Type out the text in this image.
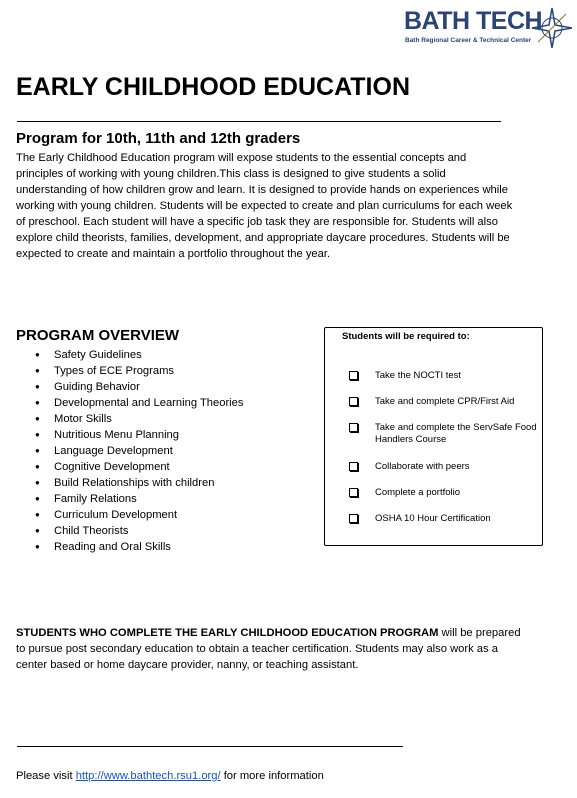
BATH TECH
Bath Regional Career & Technical Center
EARLY CHILDHOOD EDUCATION
Program for 10th, 11th and 12th graders

The Early Childhood Education program will expose students to the essential concepts and principles of working with young children.This class is designed to give students a solid understanding of how children grow and learn. It is designed to provide hands on experiences while working with young children. Students will be expected to create and plan curriculums for each week of preschool. Each student will have a specific job task they are responsible for. Students will also explore child theorists, families, development, and appropriate daycare procedures. Students will be expected to create and maintain a portfolio throughout the year.

PROGRAM OVERVIEW
● Safety Guidelines
● Types of ECE Programs
● Guiding Behavior
● Developmental and Learning Theories
● Motor Skills
● Nutritious Menu Planning
● Language Development
● Cognitive Development
● Build Relationships with children
● Family Relations
● Curriculum Development
● Child Theorists
● Reading and Oral Skills
Students will be required to:
Take the NOCTI test
Take and complete CPR/First Aid
Take and complete the ServSafe Food Handlers Course
Collaborate with peers
Complete a portfolio
OSHA 10 Hour Certification

STUDENTS WHO COMPLETE THE EARLY CHILDHOOD EDUCATION PROGRAM will be prepared to pursue post secondary education to obtain a teacher certification. Students may also work as a center based or home daycare provider, nanny, or teaching assistant.

Please visit http://www.bathtech.rsu1.org/ for more information
